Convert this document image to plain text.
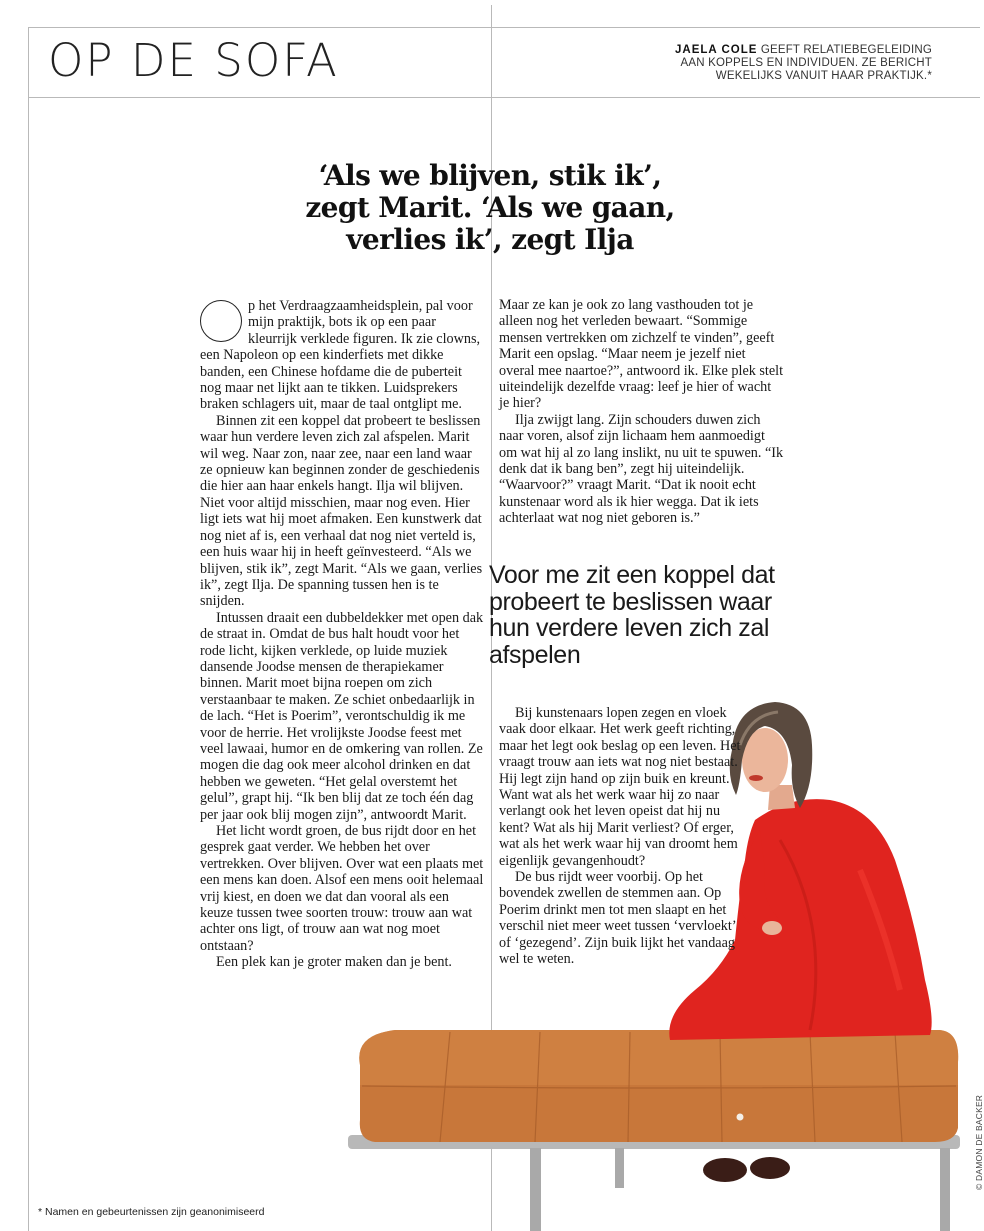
OP DE SOFA	JAELA COLE GEEFT RELATIEBEGELEIDING
AAN KOPPELS EN INDIVIDUEN. ZE BERICHT
WEKELIJKS VANUIT HAAR PRAKTIJK.*
‘Als we blijven, stik ik’,
zegt Marit. ‘Als we gaan,
verlies ik’, zegt Ilja

p het Verdraagzaamheidsplein, pal voor mijn praktijk, bots ik op een paar kleurrijk verklede figuren. Ik zie clowns, een Napoleon op een kinderfiets met dikke banden, een Chinese hofdame die de puberteit nog maar net lijkt aan te tikken. Luidsprekers braken schlagers uit, maar de taal ontglipt me.

Binnen zit een koppel dat probeert te beslissen waar hun verdere leven zich zal afspelen. Marit wil weg. Naar zon, naar zee, naar een land waar ze opnieuw kan beginnen zonder de geschiedenis die hier aan haar enkels hangt. Ilja wil blijven. Niet voor altijd misschien, maar nog even. Hier ligt iets wat hij moet afmaken. Een kunstwerk dat nog niet af is, een verhaal dat nog niet verteld is, een huis waar hij in heeft geïnvesteerd. “Als we blijven, stik ik”, zegt Marit. “Als we gaan, verlies ik”, zegt Ilja. De spanning tussen hen is te snijden.

Intussen draait een dubbeldekker met open dak de straat in. Omdat de bus halt houdt voor het rode licht, kijken verklede, op luide muziek dansende Joodse mensen de therapiekamer binnen. Marit moet bijna roepen om zich verstaanbaar te maken. Ze schiet onbedaarlijk in de lach. “Het is Poerim”, verontschuldig ik me voor de herrie. Het vrolijkste Joodse feest met veel lawaai, humor en de omkering van rollen. Ze mogen die dag ook meer alcohol drinken en dat hebben we geweten. “Het gelal overstemt het gelul”, grapt hij. “Ik ben blij dat ze toch één dag per jaar ook blij mogen zijn”, antwoordt Marit.

Het licht wordt groen, de bus rijdt door en het gesprek gaat verder. We hebben het over vertrekken. Over blijven. Over wat een plaats met een mens kan doen. Alsof een mens ooit helemaal vrij kiest, en doen we dat dan vooral als een keuze tussen twee soorten trouw: trouw aan wat achter ons ligt, of trouw aan wat nog moet ontstaan?

Een plek kan je groter maken dan je bent.

Maar ze kan je ook zo lang vasthouden tot je alleen nog het verleden bewaart. “Sommige mensen vertrekken om zichzelf te vinden”, geeft Marit een opslag. “Maar neem je jezelf niet overal mee naartoe?”, antwoord ik. Elke plek stelt uiteindelijk dezelfde vraag: leef je hier of wacht je hier?

Ilja zwijgt lang. Zijn schouders duwen zich naar voren, alsof zijn lichaam hem aanmoedigt om wat hij al zo lang inslikt, nu uit te spuwen. “Ik denk dat ik bang ben”, zegt hij uiteindelijk. “Waarvoor?” vraagt Marit. “Dat ik nooit echt kunstenaar word als ik hier wegga. Dat ik iets achterlaat wat nog niet geboren is.”

Voor me zit een koppel dat probeert te beslissen waar hun verdere leven zich zal afspelen

Bij kunstenaars lopen zegen en vloek vaak door elkaar. Het werk geeft richting, maar het legt ook beslag op een leven. Het vraagt trouw aan iets wat nog niet bestaat. Hij legt zijn hand op zijn buik en kreunt. Want wat als het werk waar hij zo naar verlangt ook het leven opeist dat hij nu kent? Wat als hij Marit verliest? Of erger, wat als het werk waar hij van droomt hem eigenlijk gevangenhoudt?

De bus rijdt weer voorbij. Op het bovendek zwellen de stemmen aan. Op Poerim drinkt men tot men slaapt en het verschil niet meer weet tussen ‘vervloekt’ of ‘gezegend’. Zijn buik lijkt het vandaag wel te weten.

© DAMON DE BACKER
* Namen en gebeurtenissen zijn geanonimiseerd
